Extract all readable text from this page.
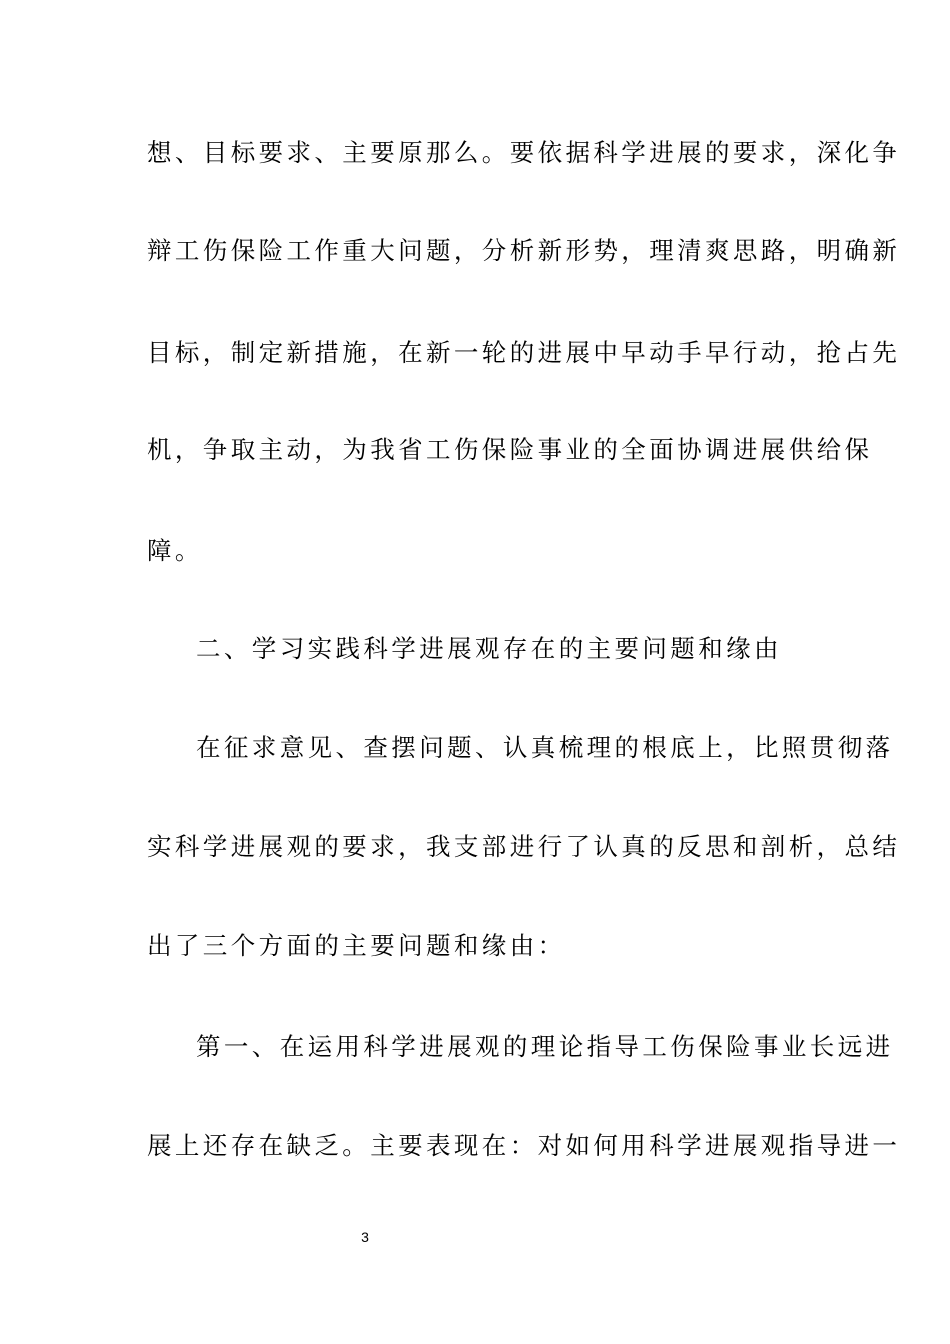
想、目标要求、主要原那么。要依据科学进展的要求，深化争
辩工伤保险工作重大问题，分析新形势，理清爽思路，明确新
目标，制定新措施，在新一轮的进展中早动手早行动，抢占先
机，争取主动，为我省工伤保险事业的全面协调进展供给保
障。
二、学习实践科学进展观存在的主要问题和缘由
在征求意见、查摆问题、认真梳理的根底上，比照贯彻落
实科学进展观的要求，我支部进行了认真的反思和剖析，总结
出了三个方面的主要问题和缘由：
第一、在运用科学进展观的理论指导工伤保险事业长远进
展上还存在缺乏。主要表现在：对如何用科学进展观指导进一
3
